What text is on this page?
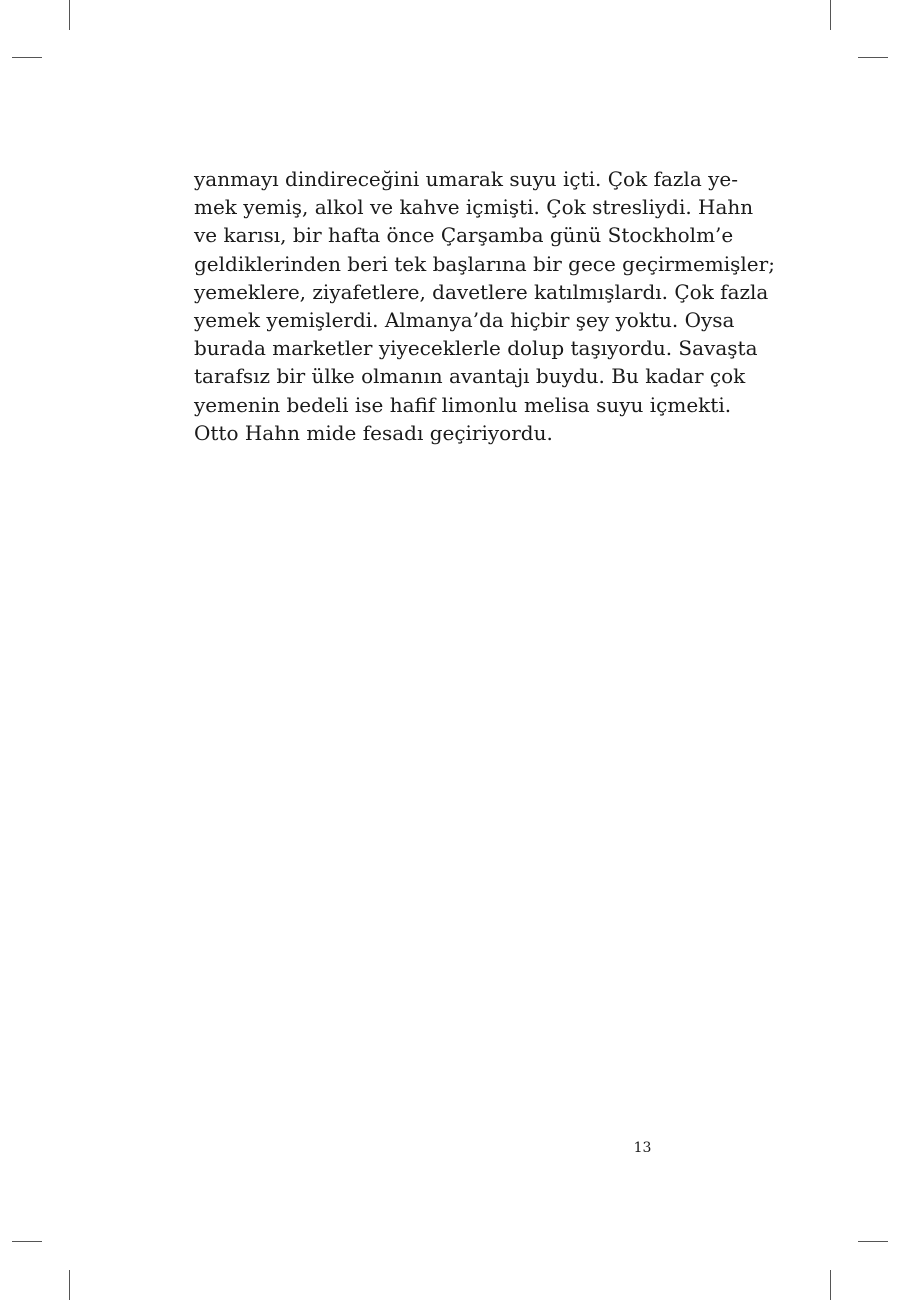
yanmayı dindireceğini umarak suyu içti. Çok fazla ye-
mek yemiş, alkol ve kahve içmişti. Çok stresliydi. Hahn
ve karısı, bir hafta önce Çarşamba günü Stockholm’e
geldiklerinden beri tek başlarına bir gece geçirmemişler;
yemeklere, ziyafetlere, davetlere katılmışlardı. Çok fazla
yemek yemişlerdi. Almanya’da hiçbir şey yoktu. Oysa
burada marketler yiyeceklerle dolup taşıyordu. Savaşta
tarafsız bir ülke olmanın avantajı buydu. Bu kadar çok
yemenin bedeli ise hafif limonlu melisa suyu içmekti.
Otto Hahn mide fesadı geçiriyordu.
13
